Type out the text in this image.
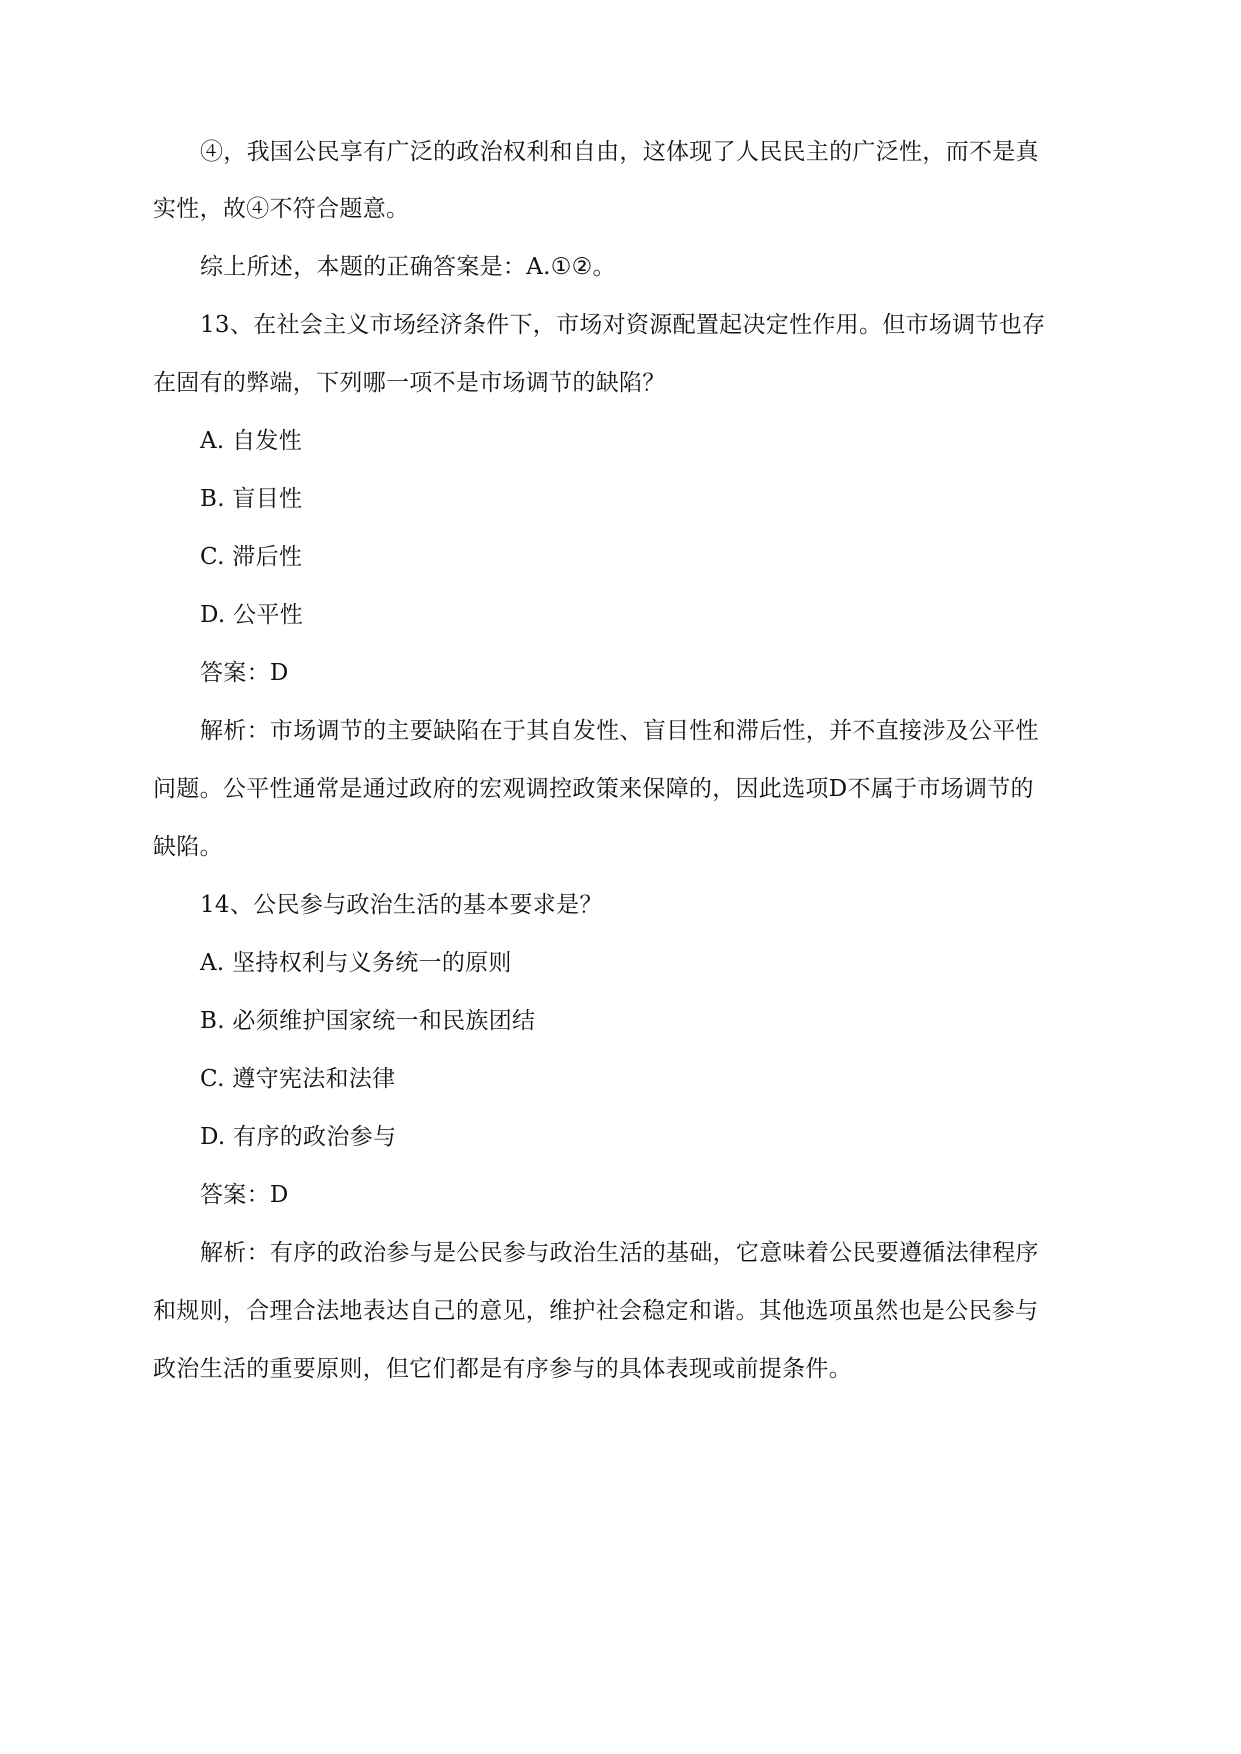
④，我国公民享有广泛的政治权利和自由，这体现了人民民主的广泛性，而不是真
实性，故④不符合题意。
综上所述，本题的正确答案是：A.①②。
13、在社会主义市场经济条件下，市场对资源配置起决定性作用。但市场调节也存
在固有的弊端，下列哪一项不是市场调节的缺陷？
A. 自发性
B. 盲目性
C. 滞后性
D. 公平性
答案：D
解析：市场调节的主要缺陷在于其自发性、盲目性和滞后性，并不直接涉及公平性
问题。公平性通常是通过政府的宏观调控政策来保障的，因此选项D不属于市场调节的
缺陷。
14、公民参与政治生活的基本要求是？
A. 坚持权利与义务统一的原则
B. 必须维护国家统一和民族团结
C. 遵守宪法和法律
D. 有序的政治参与
答案：D
解析：有序的政治参与是公民参与政治生活的基础，它意味着公民要遵循法律程序
和规则，合理合法地表达自己的意见，维护社会稳定和谐。其他选项虽然也是公民参与
政治生活的重要原则，但它们都是有序参与的具体表现或前提条件。
